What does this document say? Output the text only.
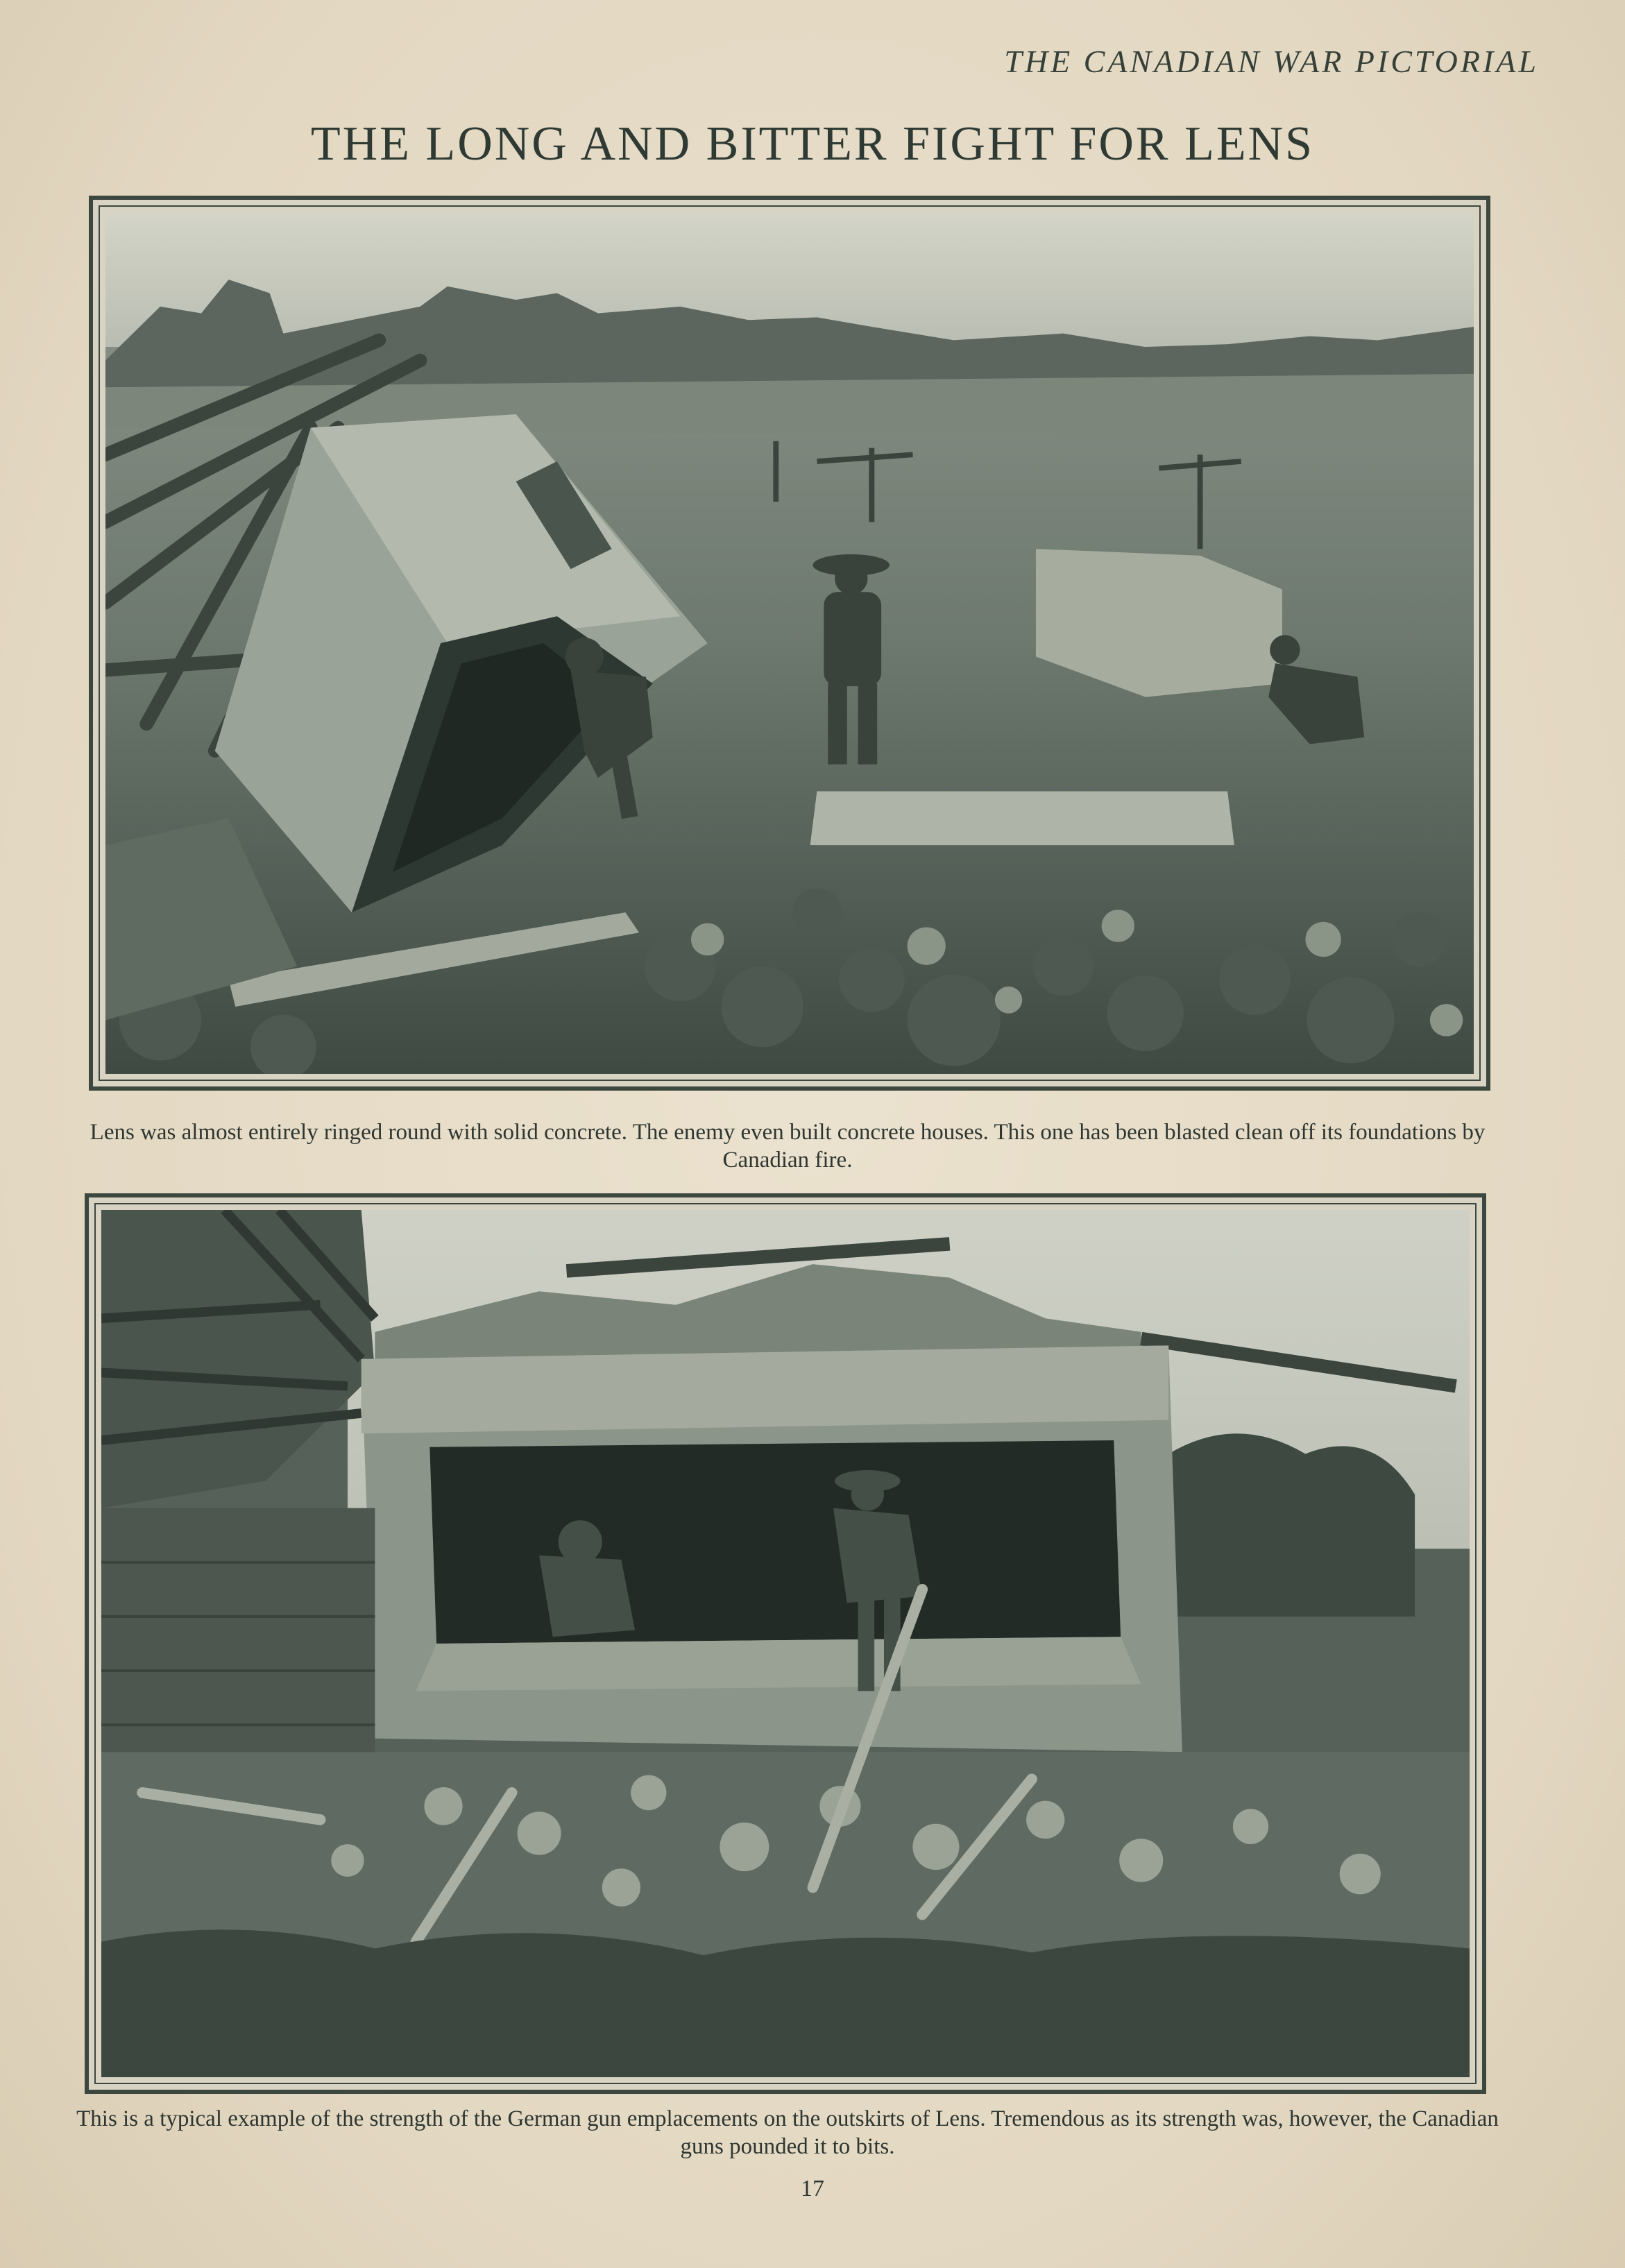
THE CANADIAN WAR PICTORIAL
THE LONG AND BITTER FIGHT FOR LENS

Lens was almost entirely ringed round with solid concrete. The enemy even built concrete houses. This one has been blasted clean off its foundations by Canadian fire.

This is a typical example of the strength of the German gun emplacements on the outskirts of Lens. Tremendous as its strength was, however, the Canadian guns pounded it to bits.

17
